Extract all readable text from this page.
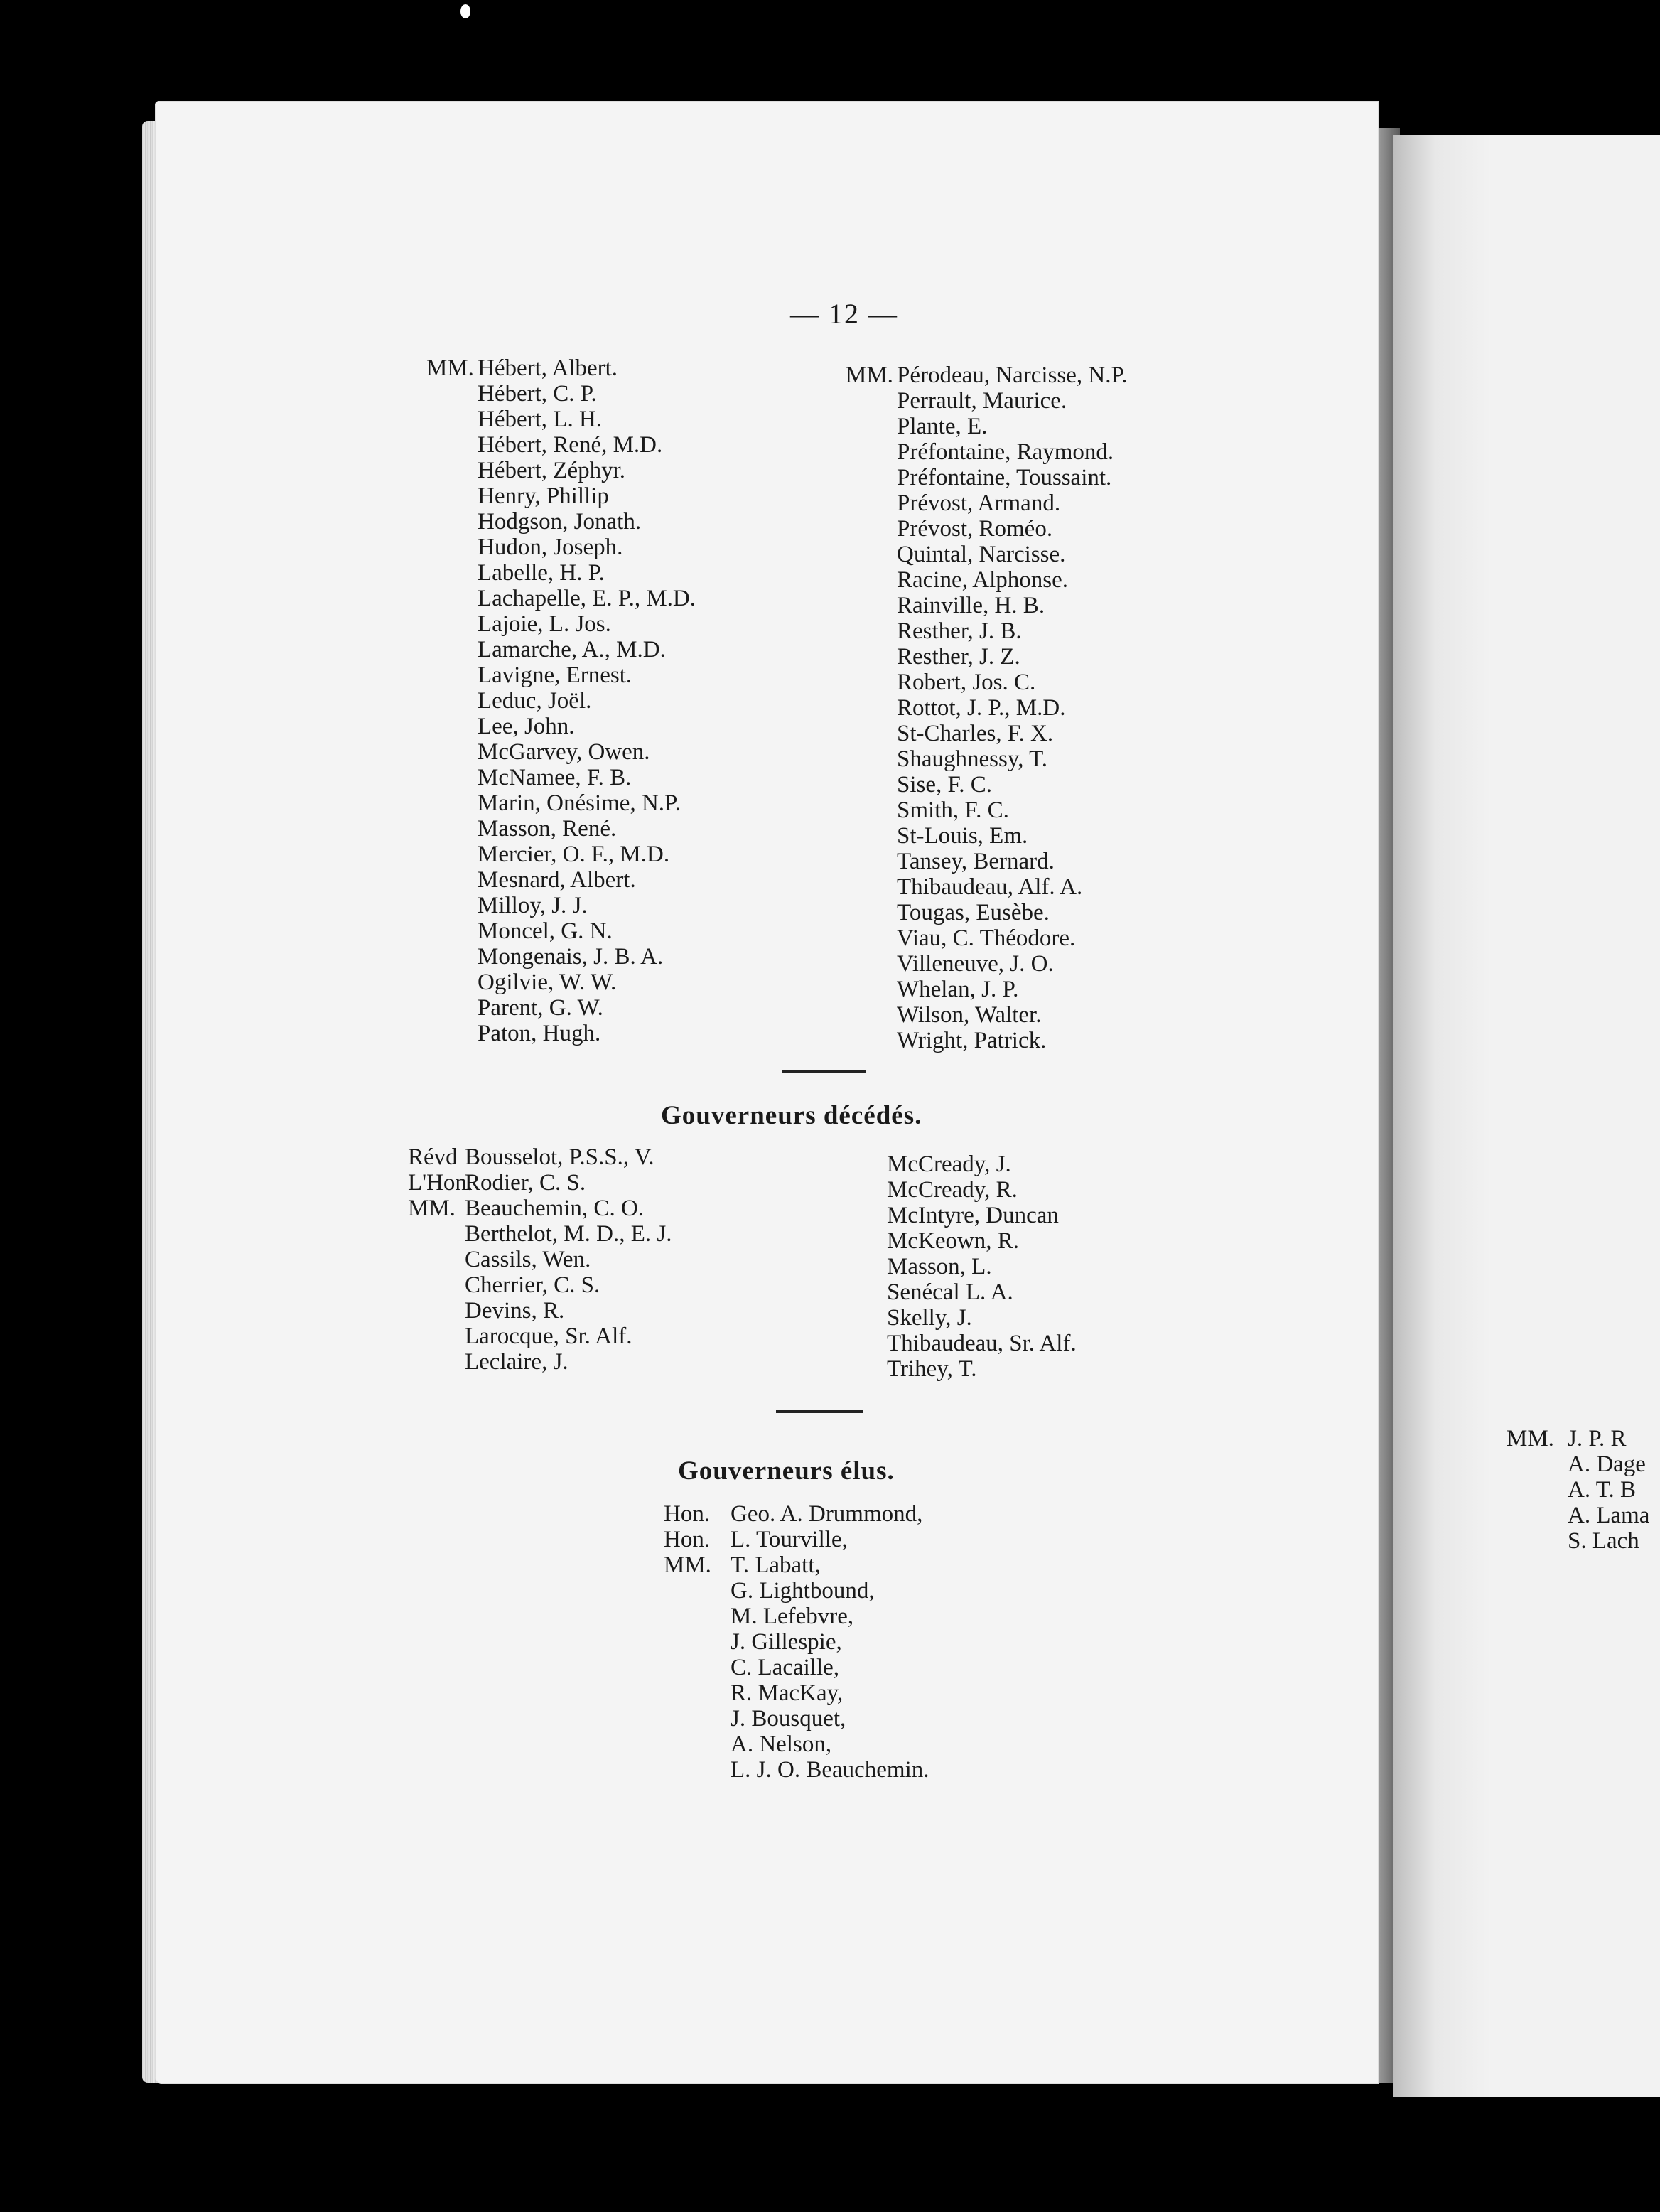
— 12 —
MM. Hébert, Albert.
Hébert, C. P.
Hébert, L. H.
Hébert, René, M.D.
Hébert, Zéphyr.
Henry, Phillip
Hodgson, Jonath.
Hudon, Joseph.
Labelle, H. P.
Lachapelle, E. P., M.D.
Lajoie, L. Jos.
Lamarche, A., M.D.
Lavigne, Ernest.
Leduc, Joël.
Lee, John.
McGarvey, Owen.
McNamee, F. B.
Marin, Onésime, N.P.
Masson, René.
Mercier, O. F., M.D.
Mesnard, Albert.
Milloy, J. J.
Moncel, G. N.
Mongenais, J. B. A.
Ogilvie, W. W.
Parent, G. W.
Paton, Hugh.
MM. Pérodeau, Narcisse, N.P.
Perrault, Maurice.
Plante, E.
Préfontaine, Raymond.
Préfontaine, Toussaint.
Prévost, Armand.
Prévost, Roméo.
Quintal, Narcisse.
Racine, Alphonse.
Rainville, H. B.
Resther, J. B.
Resther, J. Z.
Robert, Jos. C.
Rottot, J. P., M.D.
St-Charles, F. X.
Shaughnessy, T.
Sise, F. C.
Smith, F. C.
St-Louis, Em.
Tansey, Bernard.
Thibaudeau, Alf. A.
Tougas, Eusèbe.
Viau, C. Théodore.
Villeneuve, J. O.
Whelan, J. P.
Wilson, Walter.
Wright, Patrick.
Gouverneurs décédés.
Révd Bousselot, P.S.S., V.
L'Hon.Rodier, C. S.
MM. Beauchemin, C. O.
Berthelot, M. D., E. J.
Cassils, Wen.
Cherrier, C. S.
Devins, R.
Larocque, Sr. Alf.
Leclaire, J.
McCready, J.
McCready, R.
McIntyre, Duncan
McKeown, R.
Masson, L.
Senécal L. A.
Skelly, J.
Thibaudeau, Sr. Alf.
Trihey, T.
Gouverneurs élus.
Hon. Geo. A. Drummond,
Hon. L. Tourville,
MM. T. Labatt,
G. Lightbound,
M. Lefebvre,
J. Gillespie,
C. Lacaille,
R. MacKay,
J. Bousquet,
A. Nelson,
L. J. O. Beauchemin.
MM. J. P. R
A. Dage
A. T. B
A. Lama
S. Lach
